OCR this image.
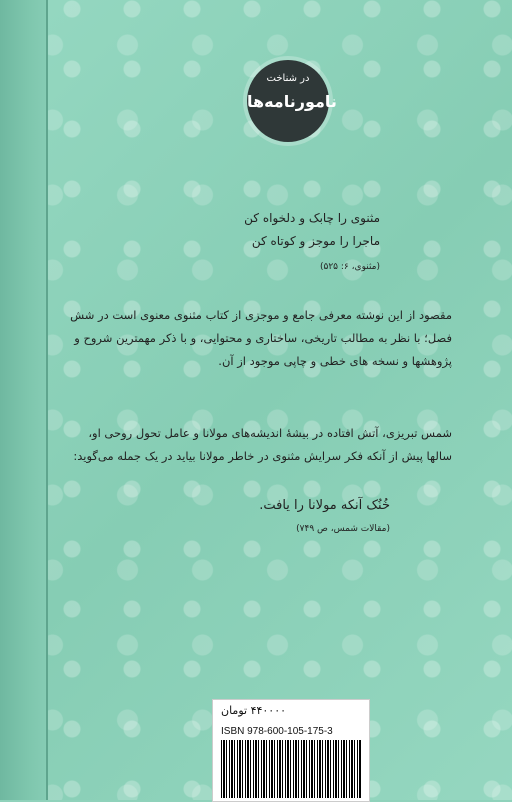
در شناخت
نامورنامه‌ها
مثنوی را چابک و دلخواه کن
ماجرا را موجز و کوتاه کن
(مثنوی، ۶: ۵۲۵)
مقصود از این نوشته معرفی جامع و موجزی از کتاب مثنوی معنوی است در شش فصل؛ با نظر به مطالب تاریخی، ساختاری و محتوایی، و با ذکر مهمترین شروح و پژوهشها و نسخه های خطی و چاپی موجود از آن.
شمس تبریزی، آتش افتاده در بیشهٔ اندیشه‌های مولانا و عامل تحول روحی او، سالها پیش از آنکه فکر سرایش مثنوی در خاطر مولانا بیاید در یک جمله می‌گوید:
خُنُک آنکه مولانا را یافت.
(مقالات شمس، ص ۷۴۹)
۴۴۰۰۰۰ تومان
ISBN 978-600-105-175-3
